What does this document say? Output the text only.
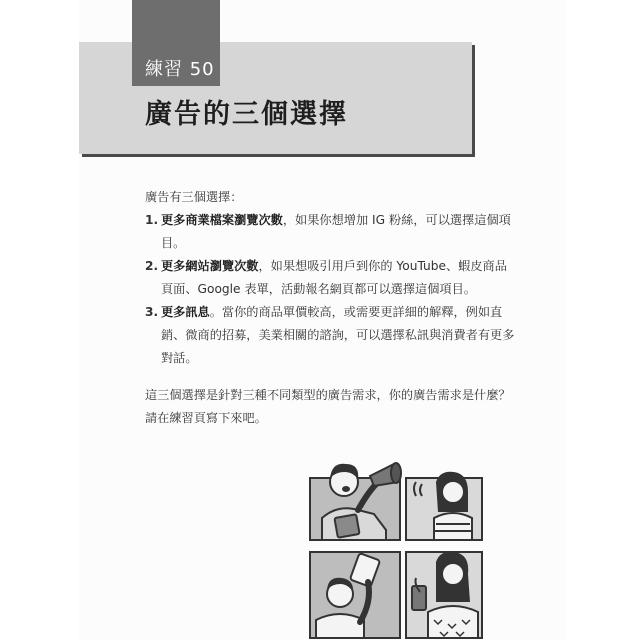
練習 50
廣告的三個選擇

廣告有三個選擇：

1. 更多商業檔案瀏覽次數，如果你想增加 IG 粉絲，可以選擇這個項目。
2. 更多網站瀏覽次數，如果想吸引用戶到你的 YouTube、蝦皮商品頁面、Google 表單，活動報名網頁都可以選擇這個項目。
3. 更多訊息。當你的商品單價較高，或需要更詳細的解釋，例如直銷、微商的招募，美業相關的諮詢，可以選擇私訊與消費者有更多對話。

這三個選擇是針對三種不同類型的廣告需求，你的廣告需求是什麼？請在練習頁寫下來吧。
